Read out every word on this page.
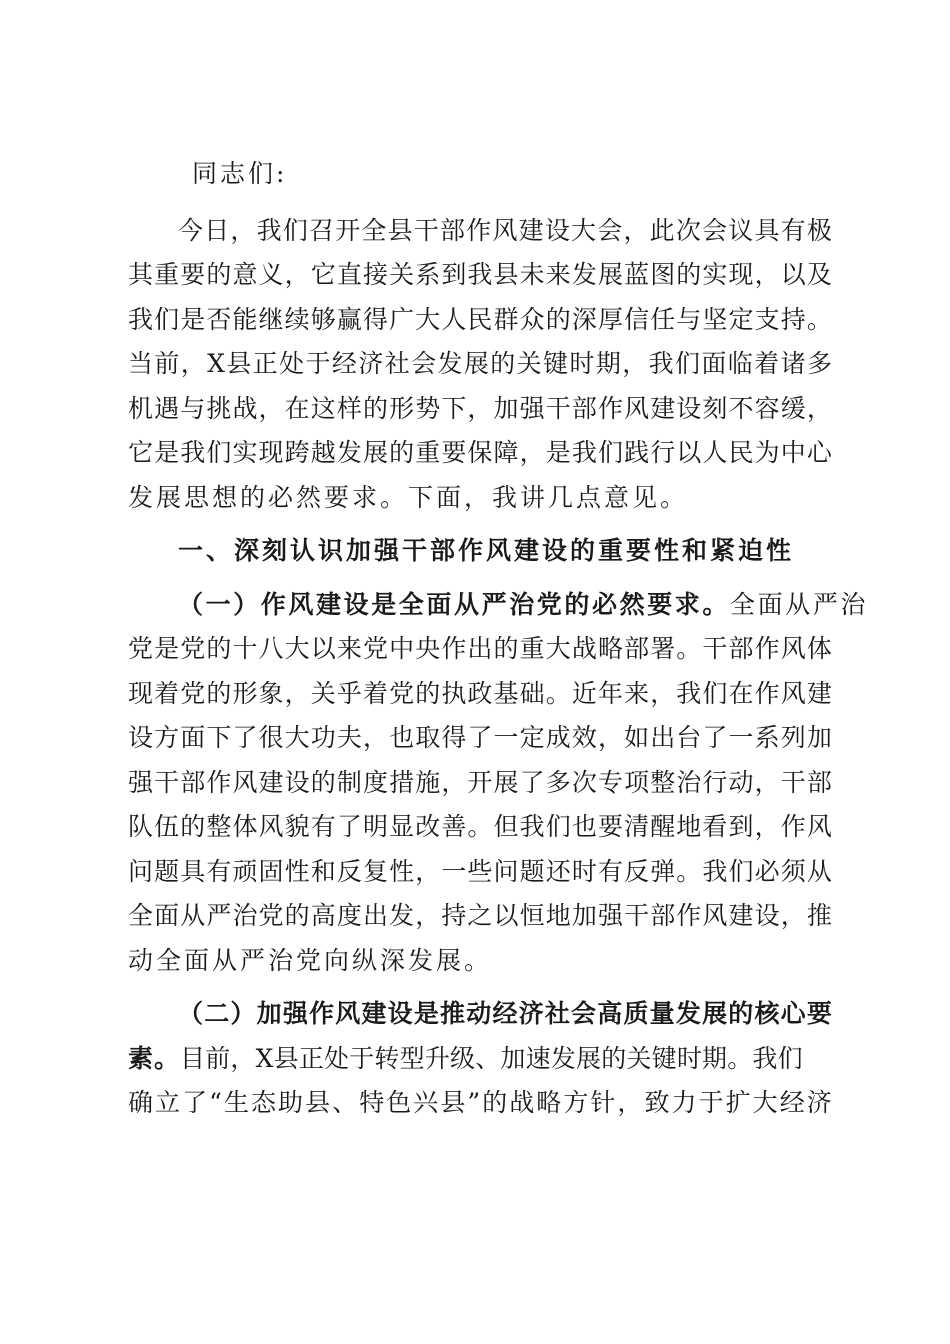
同志们:
今 日 ， 我 们 召 开 全 县 干 部 作 风 建 设 大 会 ， 此 次 会 议 具 有 极
其 重 要 的 意 义 ， 它 直 接 关 系 到 我 县 未 来 发 展 蓝 图 的 实 现 ， 以 及
我 们 是 否 能 继 续 够 赢 得 广 大 人 民 群 众 的 深 厚 信 任 与 坚 定 支 持 。
当 前 ， X 县 正 处 于 经 济 社 会 发 展 的 关 键 时 期 ， 我 们 面 临 着 诸 多
机 遇 与 挑 战 ， 在 这 样 的 形 势 下 ， 加 强 干 部 作 风 建 设 刻 不 容 缓 ，
它 是 我 们 实 现 跨 越 发 展 的 重 要 保 障 ， 是 我 们 践 行 以 人 民 为 中 心
发展思想的必然要求。下面，我讲几点意见。
一、深刻认识加强干部作风建设的重要性和紧迫性
（一）作风建设是全面从严治党的必然要求。 全面从严治
党 是 党 的 十 八 大 以 来 党 中 央 作 出 的 重 大 战 略 部 署 。 干 部 作 风 体
现 着 党 的 形 象 ， 关 乎 着 党 的 执 政 基 础 。 近 年 来 ， 我 们 在 作 风 建
设 方 面 下 了 很 大 功 夫 ， 也 取 得 了 一 定 成 效 ， 如 出 台 了 一 系 列 加
强 干 部 作 风 建 设 的 制 度 措 施 ， 开 展 了 多 次 专 项 整 治 行 动 ， 干 部
队 伍 的 整 体 风 貌 有 了 明 显 改 善 。 但 我 们 也 要 清 醒 地 看 到 ， 作 风
问 题 具 有 顽 固 性 和 反 复 性 ， 一 些 问 题 还 时 有 反 弹 。 我 们 必 须 从
全 面 从 严 治 党 的 高 度 出 发 ， 持 之 以 恒 地 加 强 干 部 作 风 建 设 ， 推
动全面从严治党向纵深发展。
（ 二 ） 加 强 作 风 建 设 是 推 动 经 济 社 会 高 质 量 发 展 的 核 心 要
素。 目前，X县正处于转型升级、加速发展的关键时期。我们
确 立 了 “ 生 态 助 县 、 特 色 兴 县 ” 的 战 略 方 针 ， 致 力 于 扩 大 经 济
